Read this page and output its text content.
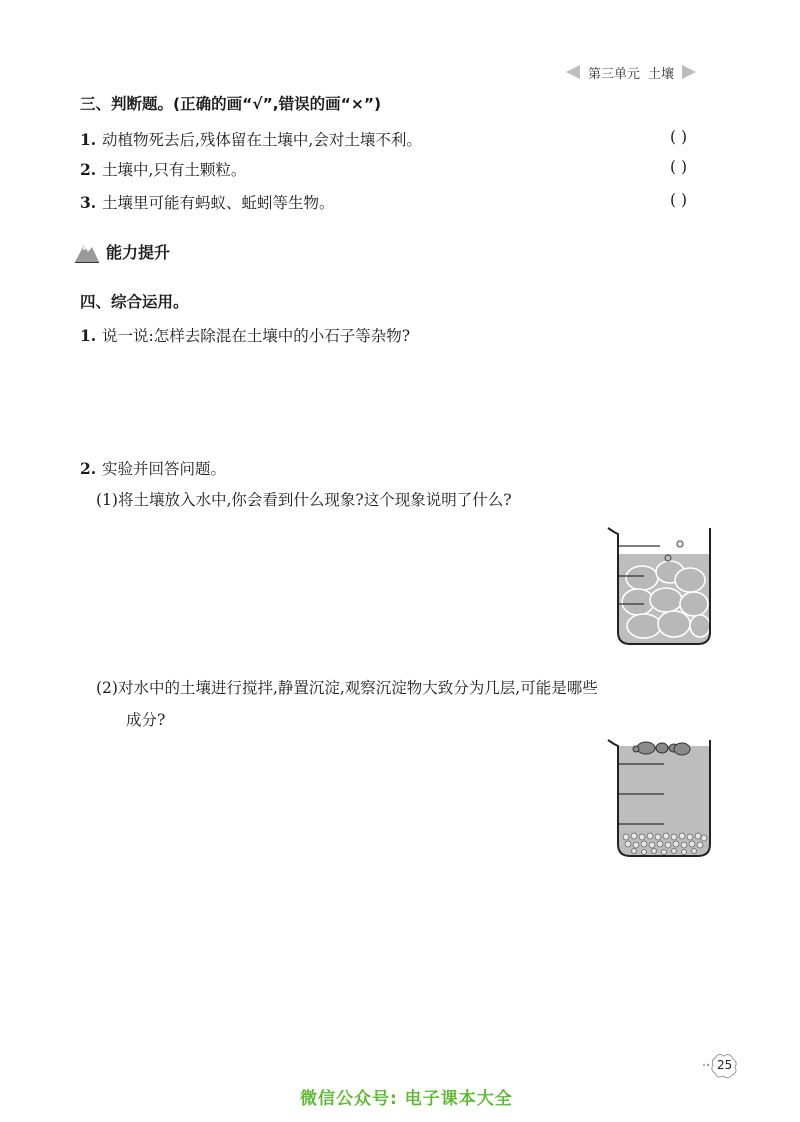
第三单元 土壤
三、判断题。(正确的画“√”,错误的画“×”)
1. 动植物死去后,残体留在土壤中,会对土壤不利。	( )
2. 土壤中,只有土颗粒。	( )
3. 土壤里可能有蚂蚁、蚯蚓等生物。	( )
能力提升
四、综合运用。
1. 说一说:怎样去除混在土壤中的小石子等杂物?
2. 实验并回答问题。
(1)将土壤放入水中,你会看到什么现象?这个现象说明了什么?
(2)对水中的土壤进行搅拌,静置沉淀,观察沉淀物大致分为几层,可能是哪些
成分?
25
微信公众号: 电子课本大全
